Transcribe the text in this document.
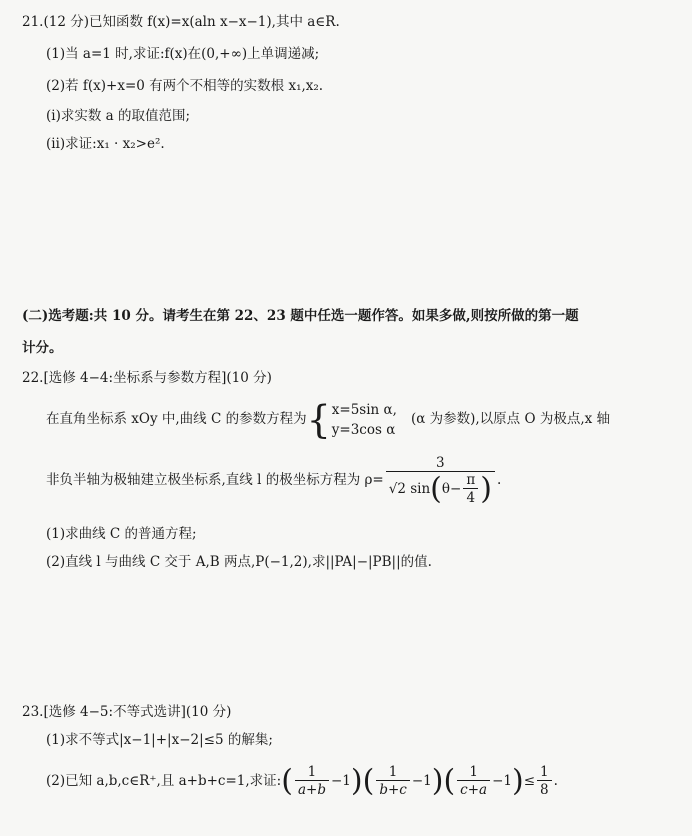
21.(12 分)已知函数 f(x)=x(aln x−x−1),其中 a∈R.
(1)当 a=1 时,求证:f(x)在(0,+∞)上单调递减;
(2)若 f(x)+x=0 有两个不相等的实数根 x₁,x₂.
(ⅰ)求实数 a 的取值范围;
(ⅱ)求证:x₁ · x₂>e².
(二)选考题:共 10 分。请考生在第 22、23 题中任选一题作答。如果多做,则按所做的第一题
计分。
22.[选修 4−4:坐标系与参数方程](10 分)
在直角坐标系 xOy 中,曲线 C 的参数方程为{ x=5sin α,
y=3cos α
(α 为参数),以原点 O 为极点,x 轴
非负半轴为极轴建立极坐标系,直线 l 的极坐标方程为 $\rho= \frac{3}{√2 \sin(\theta- \frac{\pi}{4} )}$ .
(1)求曲线 C 的普通方程;
(2)直线 l 与曲线 C 交于 A,B 两点,P(−1,2),求||PA|−|PB||的值.
23.[选修 4−5:不等式选讲](10 分)
(1)求不等式|x−1|+|x−2|≤5 的解集;
(2)已知 a,b,c∈R⁺,且 a+b+c=1,求证:( $\frac{1}{a+b} -1)( \frac{1}{b+c} -1)( \frac{1}{c+a} -1)\le \frac{1}{8}$ .
